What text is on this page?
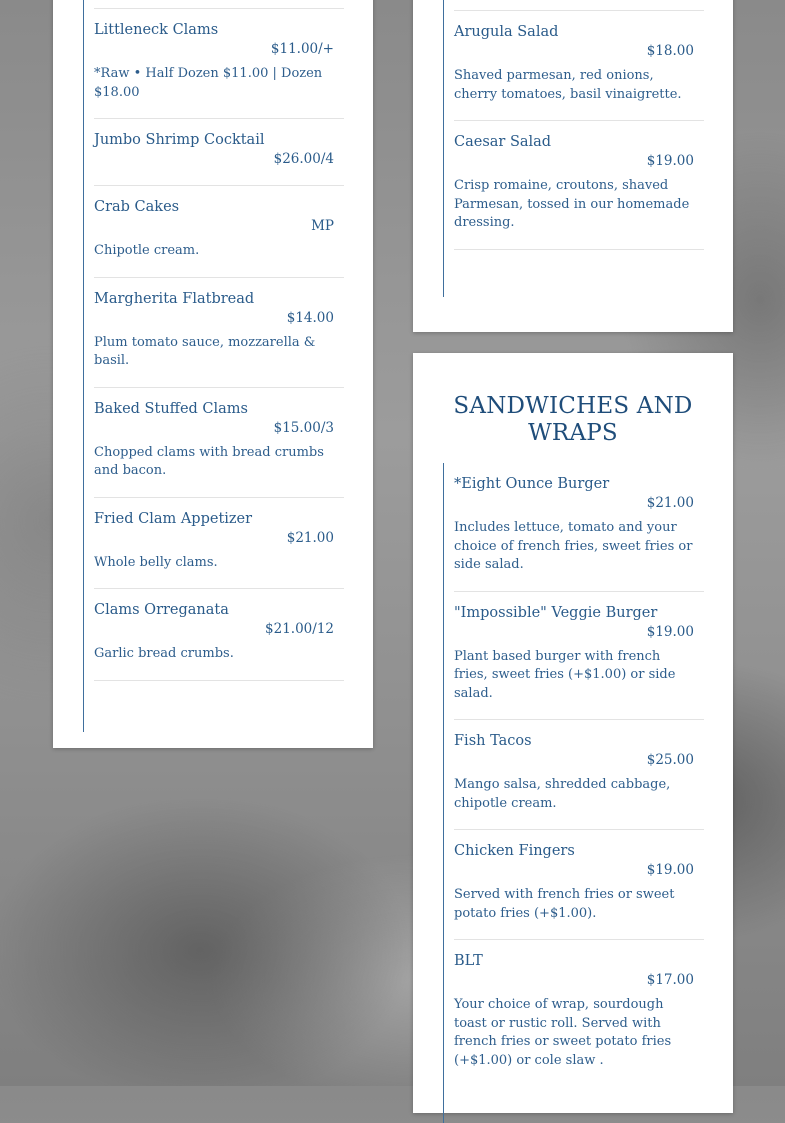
Littleneck Clams
$11.00/+
*Raw • Half Dozen $11.00 | Dozen $18.00
Jumbo Shrimp Cocktail
$26.00/4
Crab Cakes
MP
Chipotle cream.
Margherita Flatbread
$14.00
Plum tomato sauce, mozzarella & basil.
Baked Stuffed Clams
$15.00/3
Chopped clams with bread crumbs and bacon.
Fried Clam Appetizer
$21.00
Whole belly clams.
Clams Orreganata
$21.00/12
Garlic bread crumbs.
Arugula Salad
$18.00
Shaved parmesan, red onions, cherry tomatoes, basil vinaigrette.
Caesar Salad
$19.00
Crisp romaine, croutons, shaved Parmesan, tossed in our homemade dressing.
SANDWICHES AND WRAPS
*Eight Ounce Burger
$21.00
Includes lettuce, tomato and your choice of french fries, sweet fries or side salad.
"Impossible" Veggie Burger
$19.00
Plant based burger with french fries, sweet fries (+$1.00) or side salad.
Fish Tacos
$25.00
Mango salsa, shredded cabbage, chipotle cream.
Chicken Fingers
$19.00
Served with french fries or sweet potato fries (+$1.00).
BLT
$17.00
Your choice of wrap, sourdough toast or rustic roll. Served with french fries or sweet potato fries (+$1.00) or cole slaw .
